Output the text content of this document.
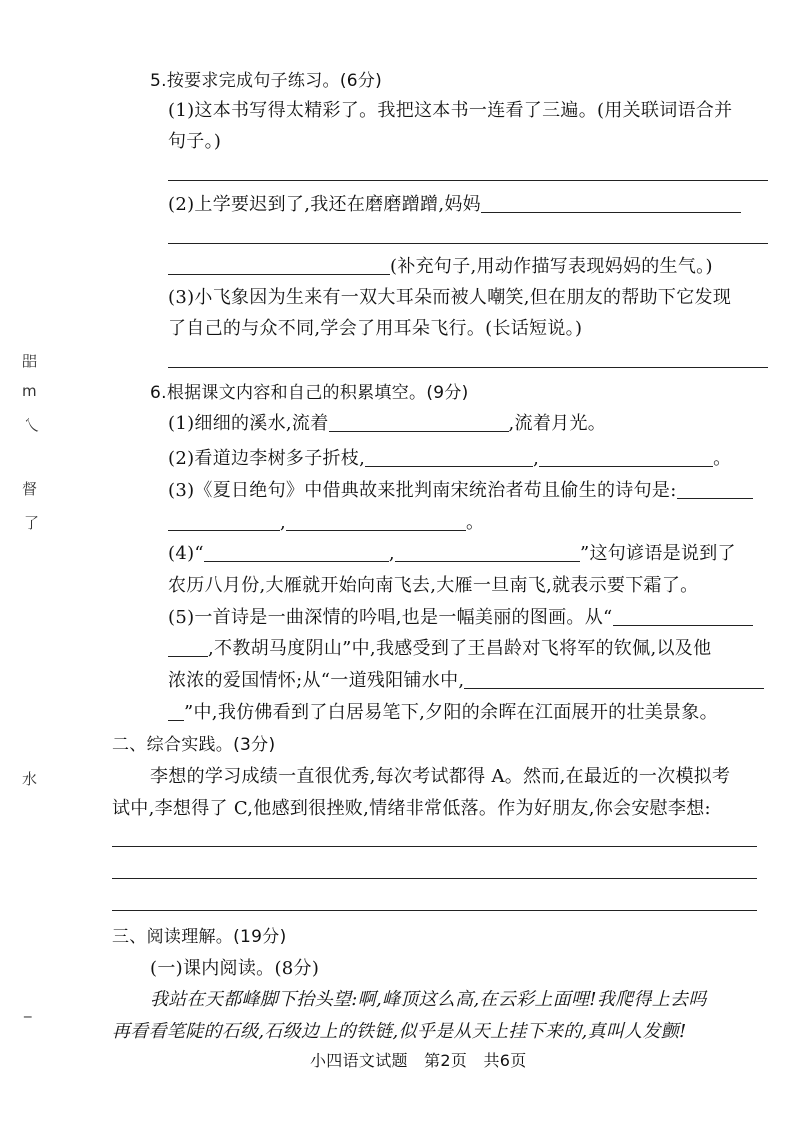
㗊
m
乀
督
了
水
_
5.按要求完成句子练习。(6分)
(1)这本书写得太精彩了。我把这本书一连看了三遍。(用关联词语合并
句子。)
(2)上学要迟到了,我还在磨磨蹭蹭,妈妈
(补充句子,用动作描写表现妈妈的生气。)
(3)小飞象因为生来有一双大耳朵而被人嘲笑,但在朋友的帮助下它发现
了自己的与众不同,学会了用耳朵飞行。(长话短说。)
6.根据课文内容和自己的积累填空。(9分)
(1)细细的溪水,流着	,流着月光。
(2)看道边李树多子折枝,	,	。
(3)《夏日绝句》中借典故来批判南宋统治者苟且偷生的诗句是:
,	。
(4)“	,	”这句谚语是说到了
农历八月份,大雁就开始向南飞去,大雁一旦南飞,就表示要下霜了。
(5)一首诗是一曲深情的吟唱,也是一幅美丽的图画。从“
,不教胡马度阴山”中,我感受到了王昌龄对飞将军的钦佩,以及他
浓浓的爱国情怀;从“一道残阳铺水中,
”中,我仿佛看到了白居易笔下,夕阳的余晖在江面展开的壮美景象。
二、综合实践。(3分)
李想的学习成绩一直很优秀,每次考试都得 A。然而,在最近的一次模拟考
试中,李想得了 C,他感到很挫败,情绪非常低落。作为好朋友,你会安慰李想:
三、阅读理解。(19分)
(一)课内阅读。(8分)
我站在天都峰脚下抬头望:啊,峰顶这么高,在云彩上面哩!我爬得上去吗
再看看笔陡的石级,石级边上的铁链,似乎是从天上挂下来的,真叫人发颤!
小四语文试题　第2页　共6页
